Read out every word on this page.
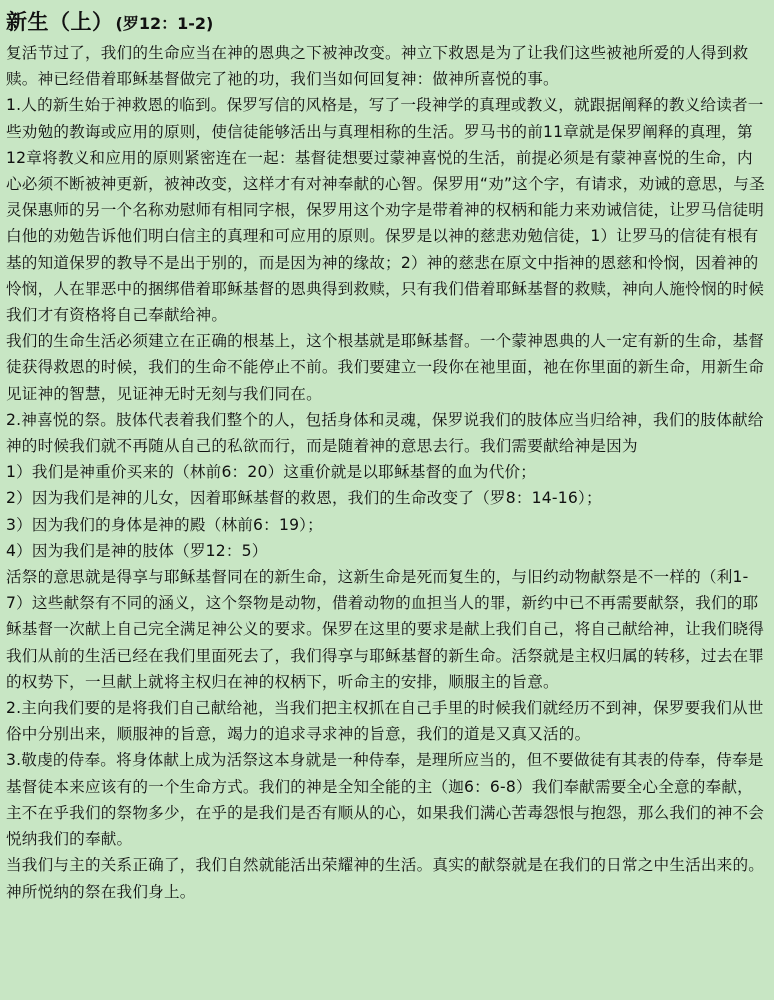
新生（上） (罗12：1-2)

复活节过了，我们的生命应当在神的恩典之下被神改变。神立下救恩是为了让我们这些被祂所爱的人得到救赎。神已经借着耶稣基督做完了祂的功，我们当如何回复神：做神所喜悦的事。

1.人的新生始于神救恩的临到。保罗写信的风格是，写了一段神学的真理或教义，就跟据阐释的教义给读者一些劝勉的教诲或应用的原则，使信徒能够活出与真理相称的生活。罗马书的前11章就是保罗阐释的真理，第12章将教义和应用的原则紧密连在一起：基督徒想要过蒙神喜悦的生活，前提必须是有蒙神喜悦的生命，内心必须不断被神更新，被神改变，这样才有对神奉献的心智。保罗用“劝”这个字，有请求，劝诫的意思，与圣灵保惠师的另一个名称劝慰师有相同字根，保罗用这个劝字是带着神的权柄和能力来劝诫信徒，让罗马信徒明白他的劝勉告诉他们明白信主的真理和可应用的原则。保罗是以神的慈悲劝勉信徒，1）让罗马的信徒有根有基的知道保罗的教导不是出于别的，而是因为神的缘故；2）神的慈悲在原文中指神的恩慈和怜悯，因着神的怜悯，人在罪恶中的捆绑借着耶稣基督的恩典得到救赎，只有我们借着耶稣基督的救赎，神向人施怜悯的时候我们才有资格将自己奉献给神。

我们的生命生活必须建立在正确的根基上，这个根基就是耶稣基督。一个蒙神恩典的人一定有新的生命，基督徒获得救恩的时候，我们的生命不能停止不前。我们要建立一段你在祂里面，祂在你里面的新生命，用新生命见证神的智慧，见证神无时无刻与我们同在。

2.神喜悦的祭。肢体代表着我们整个的人，包括身体和灵魂，保罗说我们的肢体应当归给神，我们的肢体献给神的时候我们就不再随从自己的私欲而行，而是随着神的意思去行。我们需要献给神是因为

1）我们是神重价买来的（林前6：20）这重价就是以耶稣基督的血为代价；

2）因为我们是神的儿女，因着耶稣基督的救恩，我们的生命改变了（罗8：14-16）；

3）因为我们的身体是神的殿（林前6：19）；

4）因为我们是神的肢体（罗12：5）

活祭的意思就是得享与耶稣基督同在的新生命，这新生命是死而复生的，与旧约动物献祭是不一样的（利1-7）这些献祭有不同的涵义，这个祭物是动物，借着动物的血担当人的罪，新约中已不再需要献祭，我们的耶稣基督一次献上自己完全满足神公义的要求。保罗在这里的要求是献上我们自己，将自己献给神，让我们晓得我们从前的生活已经在我们里面死去了，我们得享与耶稣基督的新生命。活祭就是主权归属的转移，过去在罪的权势下，一旦献上就将主权归在神的权柄下，听命主的安排，顺服主的旨意。

2.主向我们要的是将我们自己献给祂，当我们把主权抓在自己手里的时候我们就经历不到神，保罗要我们从世俗中分别出来，顺服神的旨意，竭力的追求寻求神的旨意，我们的道是又真又活的。

3.敬虔的侍奉。将身体献上成为活祭这本身就是一种侍奉，是理所应当的，但不要做徒有其表的侍奉，侍奉是基督徒本来应该有的一个生命方式。我们的神是全知全能的主（迦6：6-8）我们奉献需要全心全意的奉献，主不在乎我们的祭物多少，在乎的是我们是否有顺从的心，如果我们满心苦毒怨恨与抱怨，那么我们的神不会悦纳我们的奉献。

当我们与主的关系正确了，我们自然就能活出荣耀神的生活。真实的献祭就是在我们的日常之中生活出来的。神所悦纳的祭在我们身上。
